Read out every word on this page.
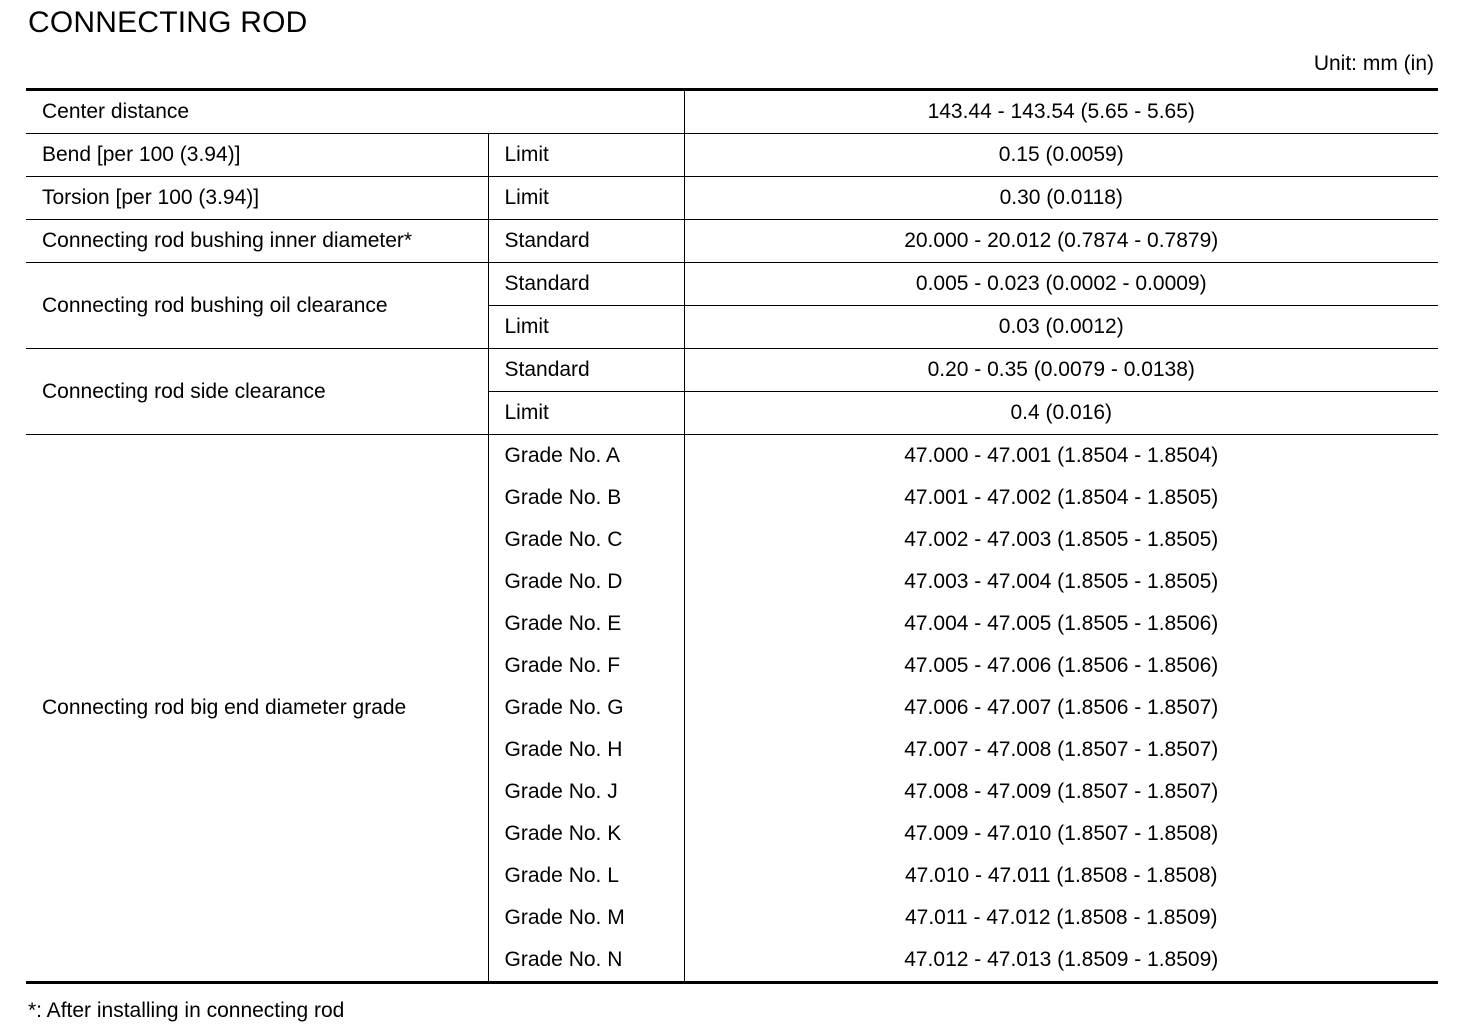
CONNECTING ROD
Unit: mm (in)
Center distance		143.44 - 143.54 (5.65 - 5.65)
Bend [per 100 (3.94)]	Limit	0.15 (0.0059)
Torsion [per 100 (3.94)]	Limit	0.30 (0.0118)
Connecting rod bushing inner diameter*	Standard	20.000 - 20.012 (0.7874 - 0.7879)
Connecting rod bushing oil clearance	Standard	0.005 - 0.023 (0.0002 - 0.0009)
	Limit	0.03 (0.0012)
Connecting rod side clearance	Standard	0.20 - 0.35 (0.0079 - 0.0138)
	Limit	0.4 (0.016)
Connecting rod big end diameter grade	Grade No. A	47.000 - 47.001 (1.8504 - 1.8504)
	Grade No. B	47.001 - 47.002 (1.8504 - 1.8505)
	Grade No. C	47.002 - 47.003 (1.8505 - 1.8505)
	Grade No. D	47.003 - 47.004 (1.8505 - 1.8505)
	Grade No. E	47.004 - 47.005 (1.8505 - 1.8506)
	Grade No. F	47.005 - 47.006 (1.8506 - 1.8506)
	Grade No. G	47.006 - 47.007 (1.8506 - 1.8507)
	Grade No. H	47.007 - 47.008 (1.8507 - 1.8507)
	Grade No. J	47.008 - 47.009 (1.8507 - 1.8507)
	Grade No. K	47.009 - 47.010 (1.8507 - 1.8508)
	Grade No. L	47.010 - 47.011 (1.8508 - 1.8508)
	Grade No. M	47.011 - 47.012 (1.8508 - 1.8509)
	Grade No. N	47.012 - 47.013 (1.8509 - 1.8509)
*: After installing in connecting rod
